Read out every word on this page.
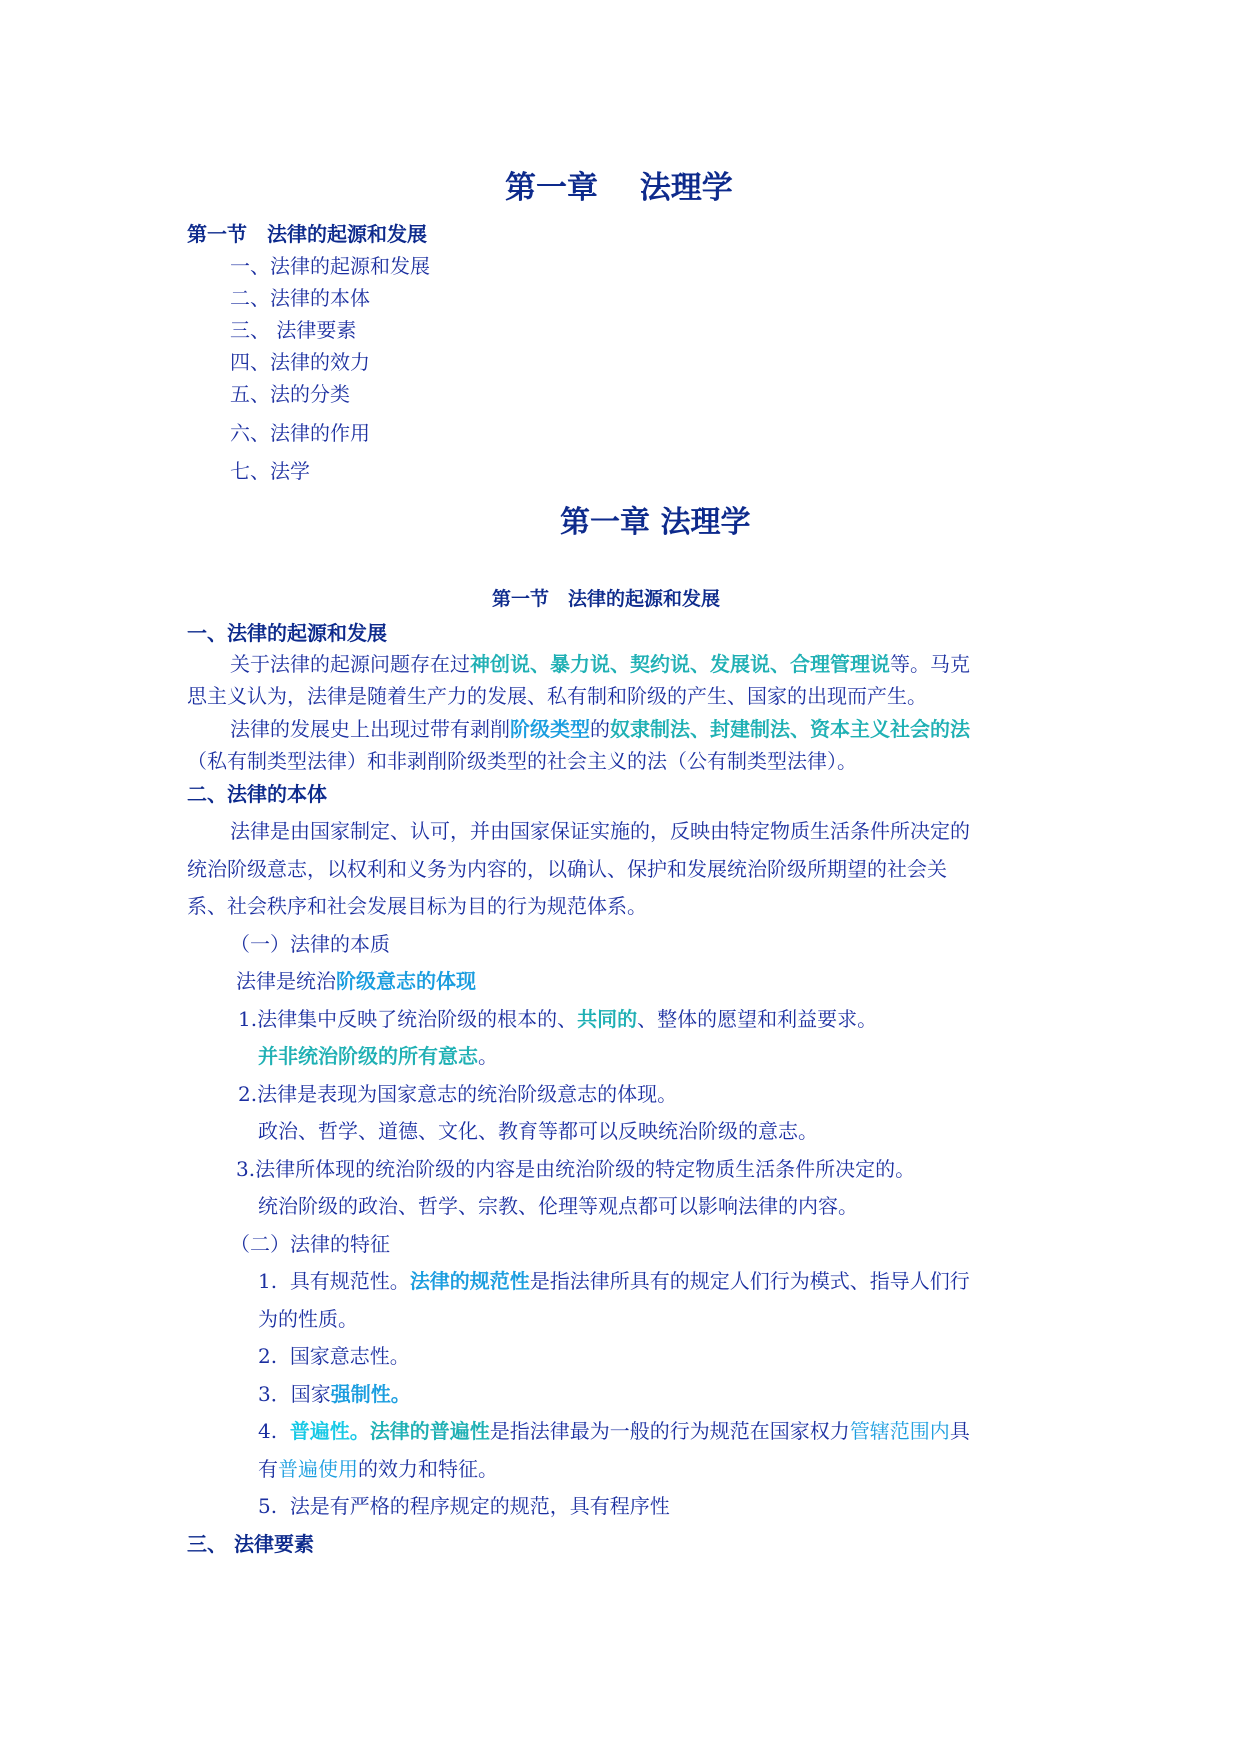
第一章　 法理学
第一节　法律的起源和发展
一、法律的起源和发展
二、法律的本体
三、 法律要素
四、法律的效力
五、法的分类
六、法律的作用
七、法学
第一章 法理学
第一节　法律的起源和发展
一、法律的起源和发展
关于法律的起源问题存在过神创说、暴力说、契约说、发展说、合理管理说等。马克
思主义认为，法律是随着生产力的发展、私有制和阶级的产生、国家的出现而产生。
法律的发展史上出现过带有剥削阶级类型的奴隶制法、封建制法、资本主义社会的法
（私有制类型法律）和非剥削阶级类型的社会主义的法（公有制类型法律）。
二、法律的本体
法律是由国家制定、认可，并由国家保证实施的，反映由特定物质生活条件所决定的
统治阶级意志，以权利和义务为内容的，以确认、保护和发展统治阶级所期望的社会关
系、社会秩序和社会发展目标为目的行为规范体系。
（一）法律的本质
法律是统治阶级意志的体现
1.法律集中反映了统治阶级的根本的、共同的、整体的愿望和利益要求。
并非统治阶级的所有意志。
2.法律是表现为国家意志的统治阶级意志的体现。
政治、哲学、道德、文化、教育等都可以反映统治阶级的意志。
3.法律所体现的统治阶级的内容是由统治阶级的特定物质生活条件所决定的。
统治阶级的政治、哲学、宗教、伦理等观点都可以影响法律的内容。
（二）法律的特征
1. 具有规范性。法律的规范性是指法律所具有的规定人们行为模式、指导人们行
为的性质。
2. 国家意志性。
3．国家强制性。
4. 普遍性。法律的普遍性是指法律最为一般的行为规范在国家权力管辖范围内具
有普遍使用的效力和特征。
5. 法是有严格的程序规定的规范，具有程序性
三、 法律要素
